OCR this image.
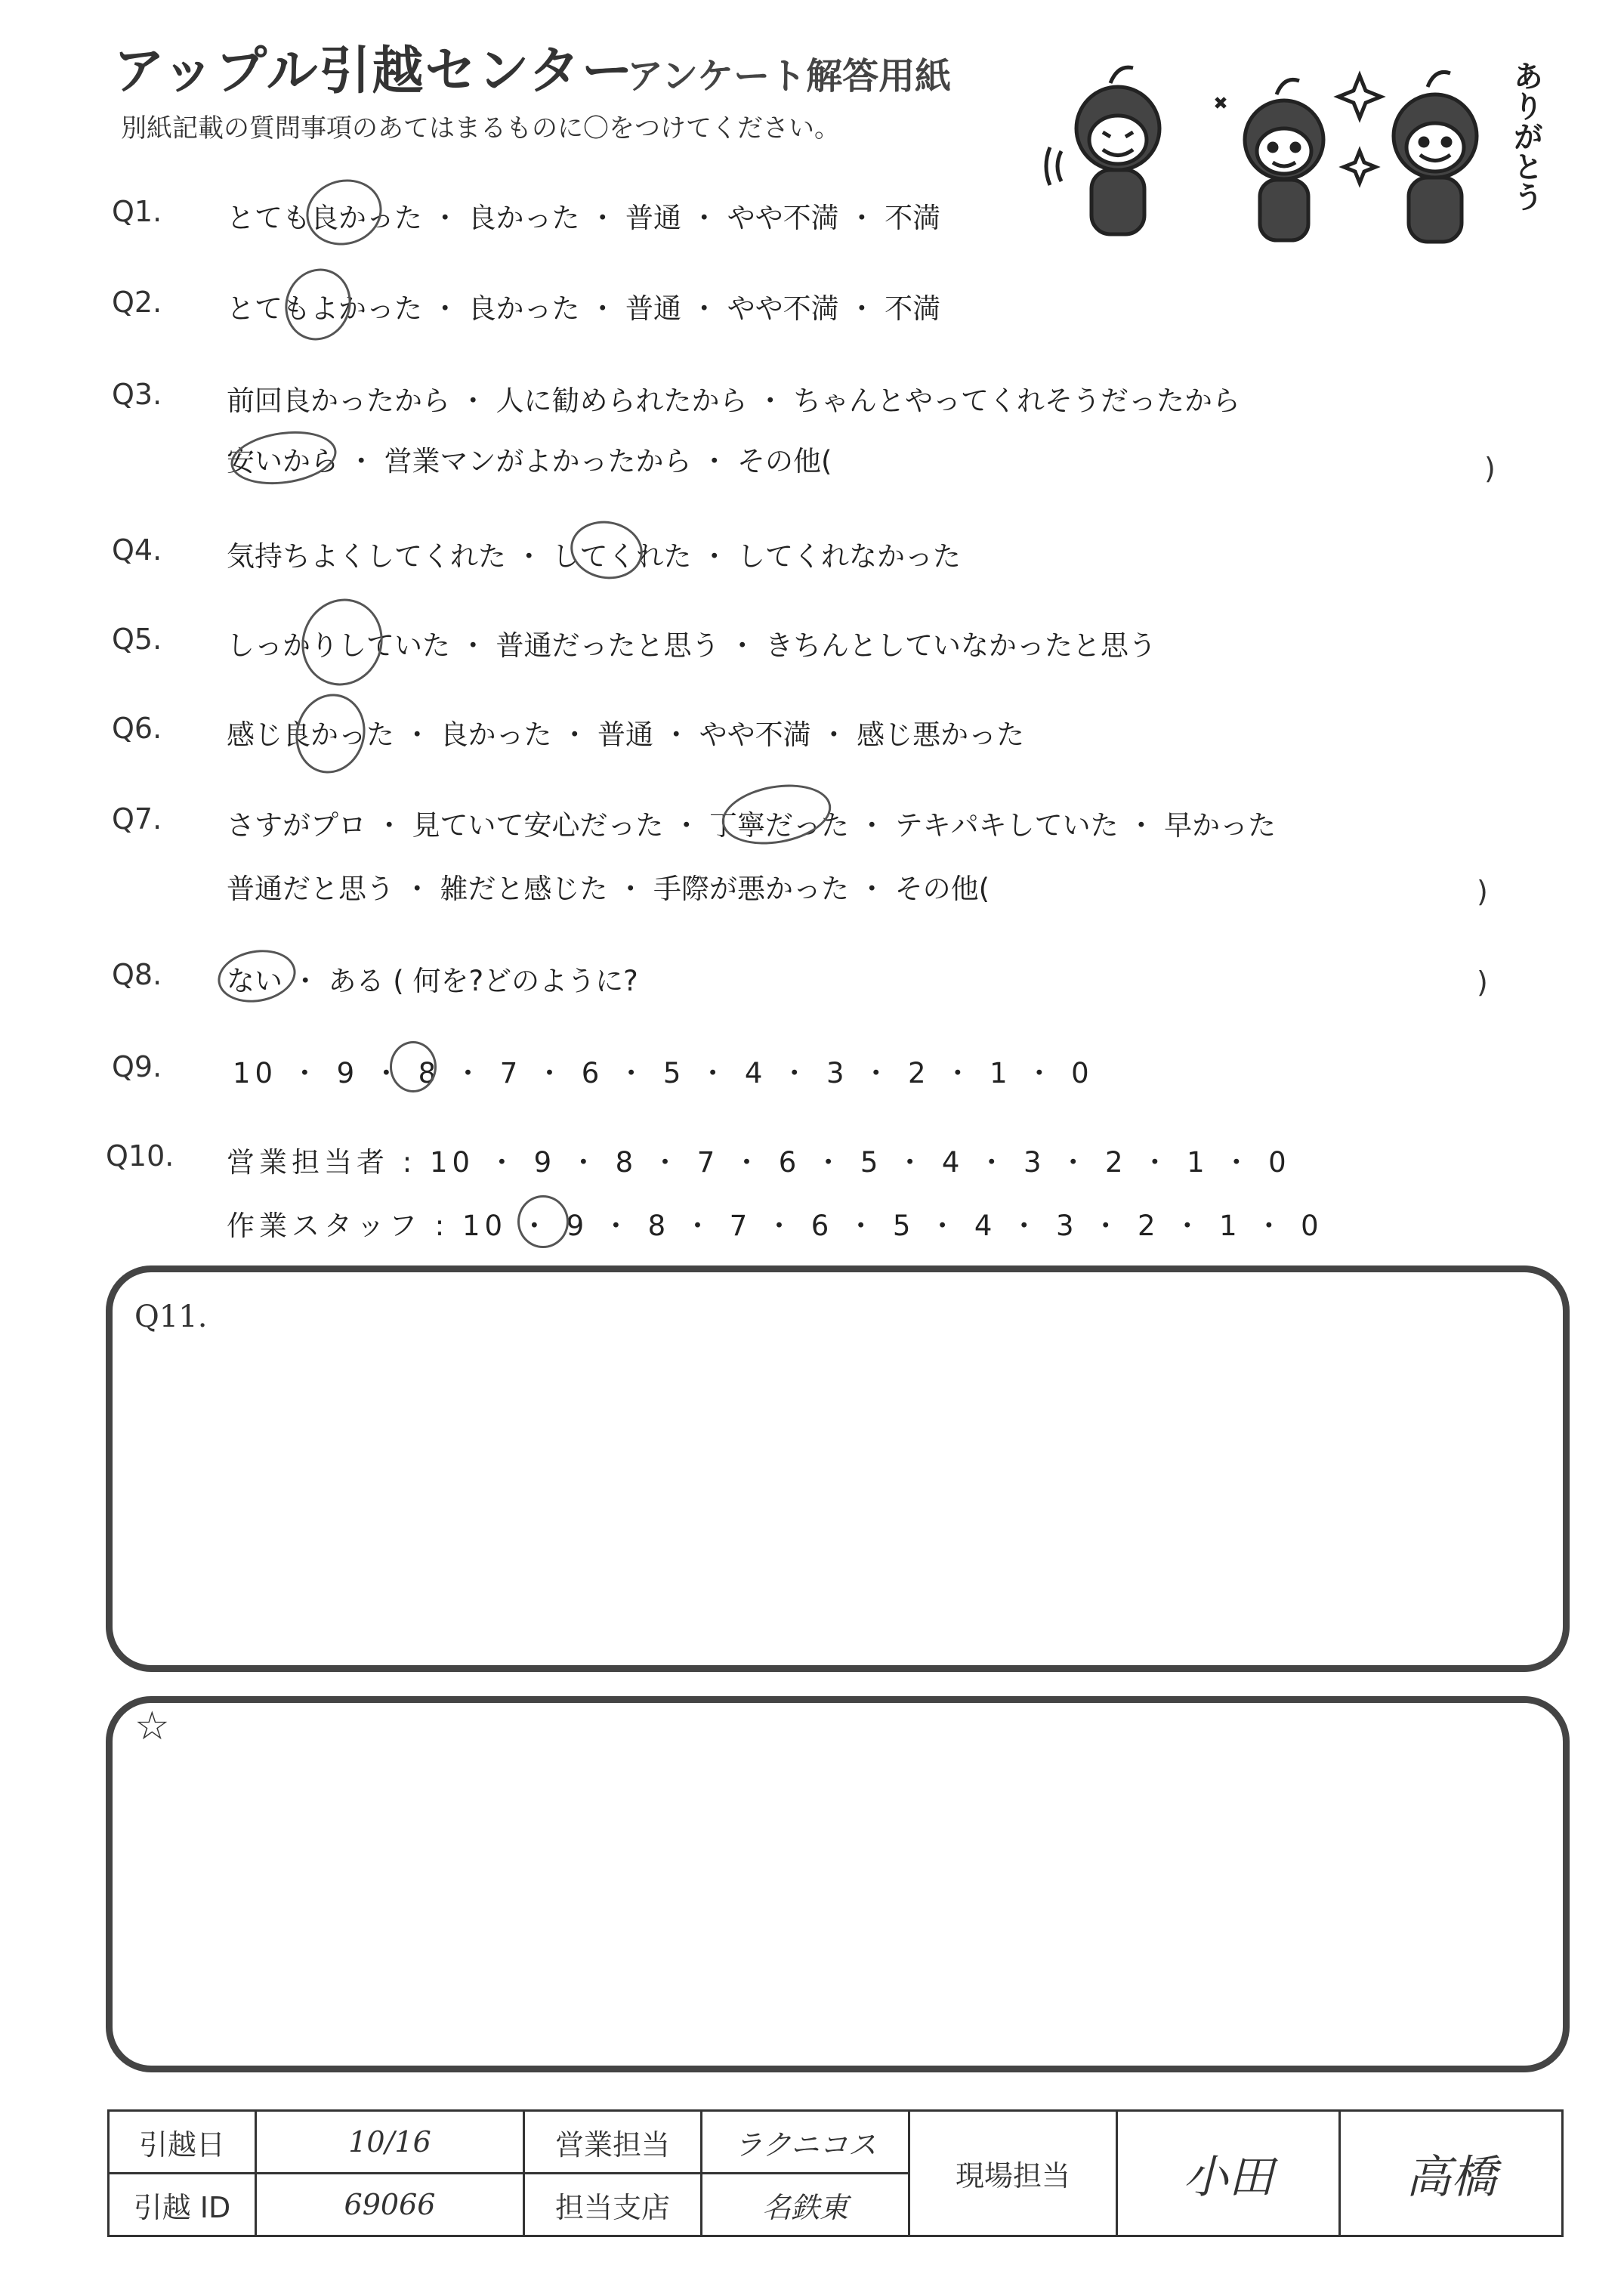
アップル引越センター
アンケート解答用紙
別紙記載の質問事項のあてはまるものに〇をつけてください。	ありがとう
Q1. とても良かった ・ 良かった ・ 普通 ・ やや不満 ・ 不満
Q2. とてもよかった ・ 良かった ・ 普通 ・ やや不満 ・ 不満
Q3. 前回良かったから ・ 人に勧められたから ・ ちゃんとやってくれそうだったから
安いから ・ 営業マンがよかったから ・ その他(	)
Q4. 気持ちよくしてくれた ・ してくれた ・ してくれなかった
Q5. しっかりしていた ・ 普通だったと思う ・ きちんとしていなかったと思う
Q6. 感じ良かった ・ 良かった ・ 普通 ・ やや不満 ・ 感じ悪かった
Q7. さすがプロ ・ 見ていて安心だった ・ 丁寧だった ・ テキパキしていた ・ 早かった
普通だと思う ・ 雑だと感じた ・ 手際が悪かった ・ その他(	)
Q8. ない ・ ある ( 何を?どのように?	)
Q9.	10 ・ 9 ・ 8 ・ 7 ・ 6 ・ 5 ・ 4 ・ 3 ・ 2 ・ 1 ・ 0
Q10. 営業担当者 : 10 ・ 9 ・ 8 ・ 7 ・ 6 ・ 5 ・ 4 ・ 3 ・ 2 ・ 1 ・ 0
作業スタッフ : 10 ・ 9 ・ 8 ・ 7 ・ 6 ・ 5 ・ 4 ・ 3 ・ 2 ・ 1 ・ 0
Q11.
☆
引越日	10/16	営業担当	ラクニコス	現場担当	小田	高橋
引越 ID	69066	担当支店	名鉄東			
